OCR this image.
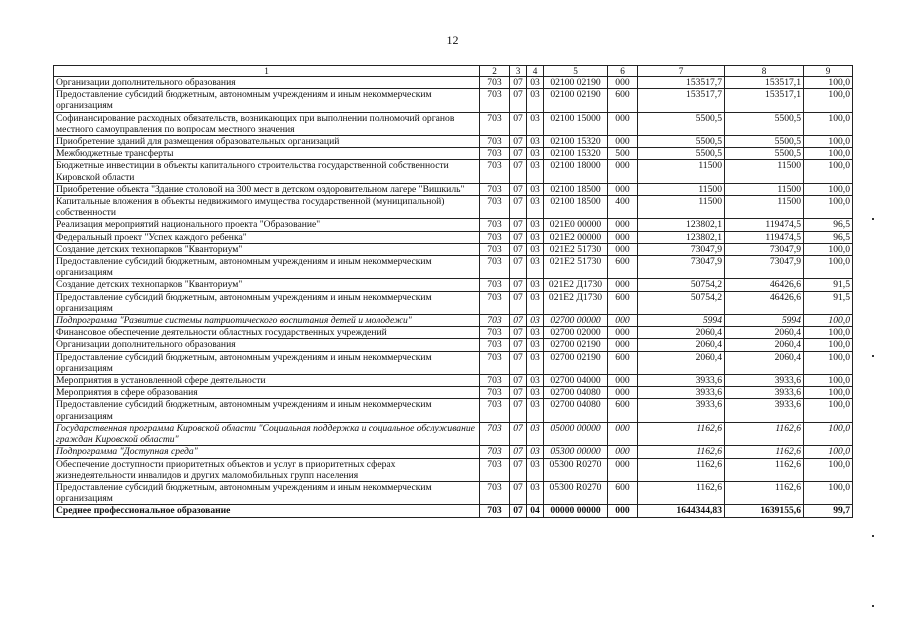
12
1	2	3	4	5	6	7	8	9
Организации дополнительного образования	703	07	03	02100 02190	000	153517,7	153517,1	100,0
Предоставление субсидий бюджетным, автономным учреждениям и иным некоммерческим организациям	703	07	03	02100 02190	600	153517,7	153517,1	100,0
Софинансирование расходных обязательств, возникающих при выполнении полномочий органов местного самоуправления по вопросам местного значения	703	07	03	02100 15000	000	5500,5	5500,5	100,0
Приобретение зданий для размещения образовательных организаций	703	07	03	02100 15320	000	5500,5	5500,5	100,0
Межбюджетные трансферты	703	07	03	02100 15320	500	5500,5	5500,5	100,0
Бюджетные инвестиции в объекты капитального строительства государственной собственности Кировской области	703	07	03	02100 18000	000	11500	11500	100,0
Приобретение объекта "Здание столовой на 300 мест в детском оздоровительном лагере "Вишкиль"	703	07	03	02100 18500	000	11500	11500	100,0
Капитальные вложения в объекты недвижимого имущества государственной (муниципальной) собственности	703	07	03	02100 18500	400	11500	11500	100,0
Реализация мероприятий национального проекта "Образование"	703	07	03	021E0 00000	000	123802,1	119474,5	96,5
Федеральный проект "Успех каждого ребенка"	703	07	03	021E2 00000	000	123802,1	119474,5	96,5
Создание детских технопарков "Кванториум"	703	07	03	021E2 51730	000	73047,9	73047,9	100,0
Предоставление субсидий бюджетным, автономным учреждениям и иным некоммерческим организациям	703	07	03	021E2 51730	600	73047,9	73047,9	100,0
Создание детских технопарков "Кванториум"	703	07	03	021E2 Д1730	000	50754,2	46426,6	91,5
Предоставление субсидий бюджетным, автономным учреждениям и иным некоммерческим организациям	703	07	03	021E2 Д1730	600	50754,2	46426,6	91,5
Подпрограмма "Развитие системы патриотического воспитания детей и молодежи"	703	07	03	02700 00000	000	5994	5994	100,0
Финансовое обеспечение деятельности областных государственных учреждений	703	07	03	02700 02000	000	2060,4	2060,4	100,0
Организации дополнительного образования	703	07	03	02700 02190	000	2060,4	2060,4	100,0
Предоставление субсидий бюджетным, автономным учреждениям и иным некоммерческим организациям	703	07	03	02700 02190	600	2060,4	2060,4	100,0
Мероприятия в установленной сфере деятельности	703	07	03	02700 04000	000	3933,6	3933,6	100,0
Мероприятия в сфере образования	703	07	03	02700 04080	000	3933,6	3933,6	100,0
Предоставление субсидий бюджетным, автономным учреждениям и иным некоммерческим организациям	703	07	03	02700 04080	600	3933,6	3933,6	100,0
Государственная программа Кировской области "Социальная поддержка и социальное обслуживание граждан Кировской области"	703	07	03	05000 00000	000	1162,6	1162,6	100,0
Подпрограмма "Доступная среда"	703	07	03	05300 00000	000	1162,6	1162,6	100,0
Обеспечение доступности приоритетных объектов и услуг в приоритетных сферах жизнедеятельности инвалидов и других маломобильных групп населения	703	07	03	05300 R0270	000	1162,6	1162,6	100,0
Предоставление субсидий бюджетным, автономным учреждениям и иным некоммерческим организациям	703	07	03	05300 R0270	600	1162,6	1162,6	100,0
Среднее профессиональное образование	703	07	04	00000 00000	000	1644344,83	1639155,6	99,7
